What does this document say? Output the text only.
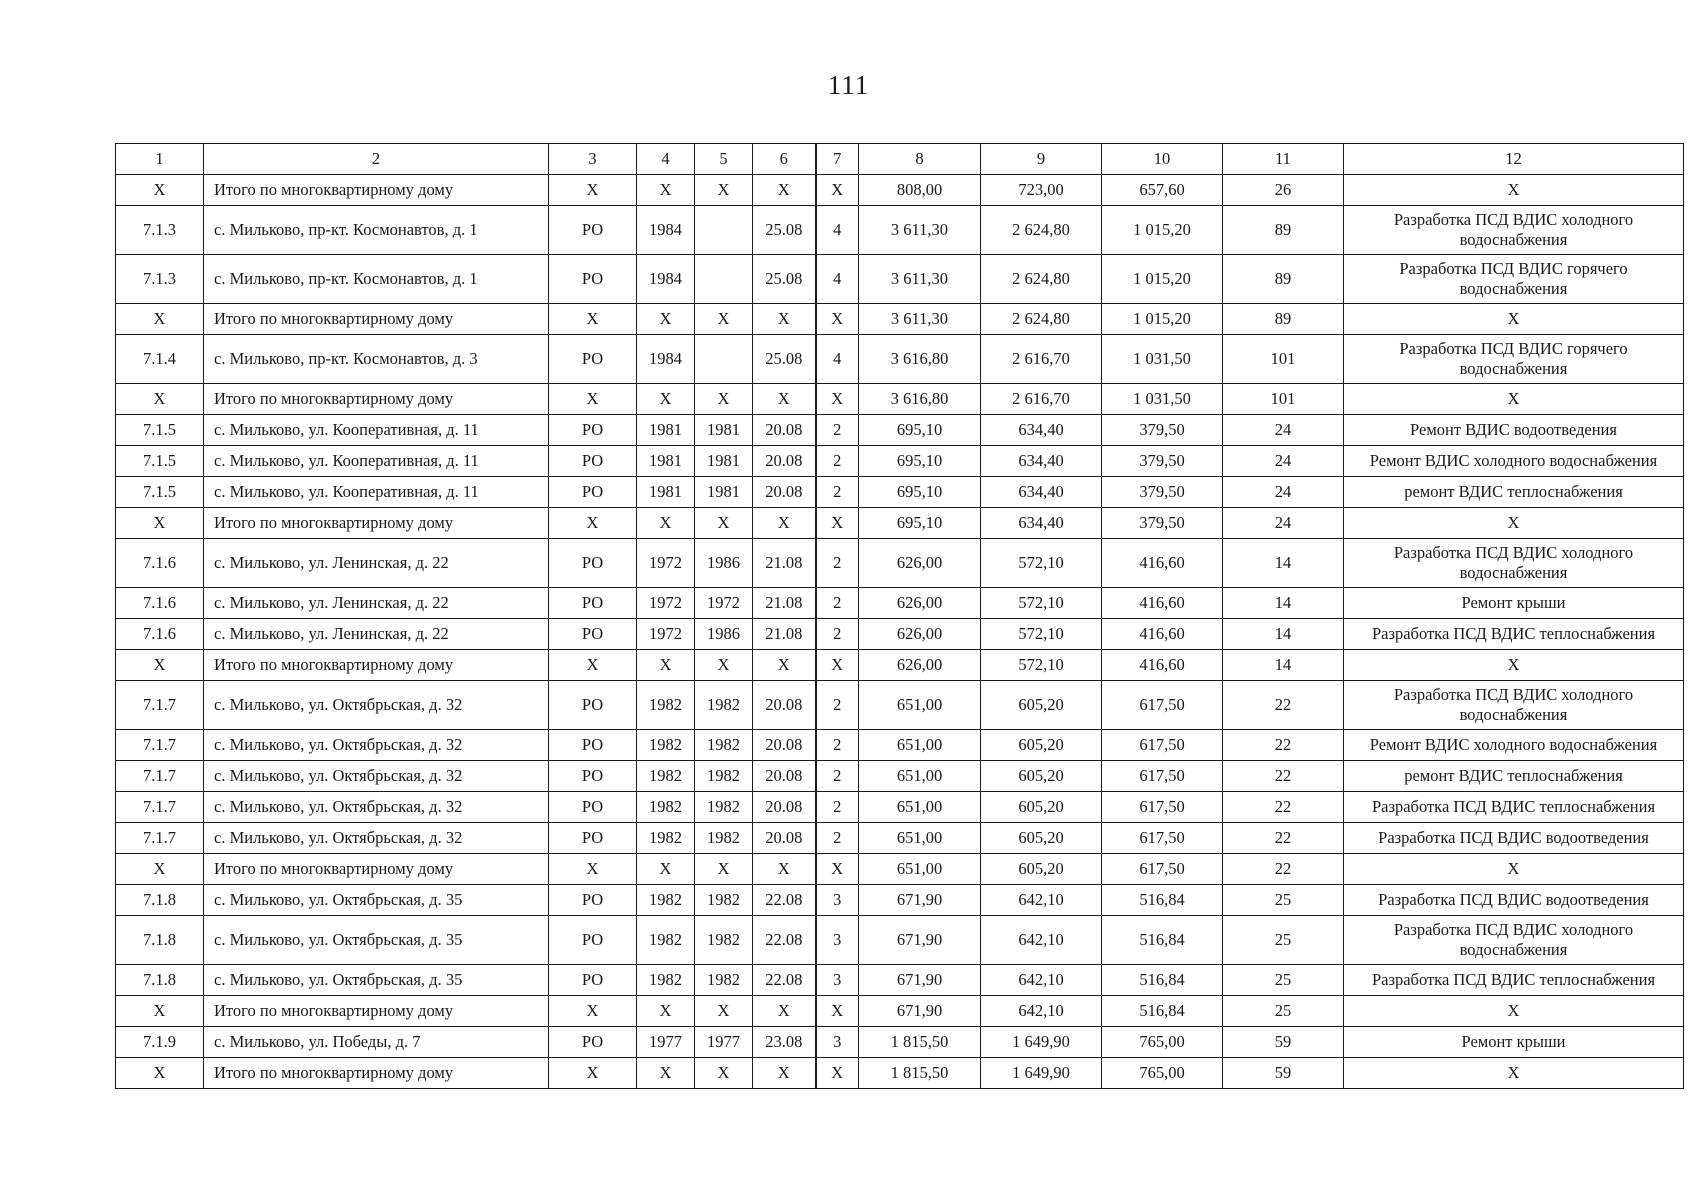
111
1	2	3	4	5	6	7	8	9	10	11	12
Х	Итого по многоквартирному дому	Х	Х	Х	Х	Х	808,00	723,00	657,60	26	Х
7.1.3	с. Мильково, пр-кт. Космонавтов, д. 1	РО	1984		25.08	4	3 611,30	2 624,80	1 015,20	89	Разработка ПСД ВДИС холодного водоснабжения
7.1.3	с. Мильково, пр-кт. Космонавтов, д. 1	РО	1984		25.08	4	3 611,30	2 624,80	1 015,20	89	Разработка ПСД ВДИС горячего водоснабжения
Х	Итого по многоквартирному дому	Х	Х	Х	Х	Х	3 611,30	2 624,80	1 015,20	89	Х
7.1.4	с. Мильково, пр-кт. Космонавтов, д. 3	РО	1984		25.08	4	3 616,80	2 616,70	1 031,50	101	Разработка ПСД ВДИС горячего водоснабжения
Х	Итого по многоквартирному дому	Х	Х	Х	Х	Х	3 616,80	2 616,70	1 031,50	101	Х
7.1.5	с. Мильково, ул. Кооперативная, д. 11	РО	1981	1981	20.08	2	695,10	634,40	379,50	24	Ремонт ВДИС водоотведения
7.1.5	с. Мильково, ул. Кооперативная, д. 11	РО	1981	1981	20.08	2	695,10	634,40	379,50	24	Ремонт ВДИС холодного водоснабжения
7.1.5	с. Мильково, ул. Кооперативная, д. 11	РО	1981	1981	20.08	2	695,10	634,40	379,50	24	ремонт ВДИС теплоснабжения
Х	Итого по многоквартирному дому	Х	Х	Х	Х	Х	695,10	634,40	379,50	24	Х
7.1.6	с. Мильково, ул. Ленинская, д. 22	РО	1972	1986	21.08	2	626,00	572,10	416,60	14	Разработка ПСД ВДИС холодного водоснабжения
7.1.6	с. Мильково, ул. Ленинская, д. 22	РО	1972	1972	21.08	2	626,00	572,10	416,60	14	Ремонт крыши
7.1.6	с. Мильково, ул. Ленинская, д. 22	РО	1972	1986	21.08	2	626,00	572,10	416,60	14	Разработка ПСД ВДИС теплоснабжения
Х	Итого по многоквартирному дому	Х	Х	Х	Х	Х	626,00	572,10	416,60	14	Х
7.1.7	с. Мильково, ул. Октябрьская, д. 32	РО	1982	1982	20.08	2	651,00	605,20	617,50	22	Разработка ПСД ВДИС холодного водоснабжения
7.1.7	с. Мильково, ул. Октябрьская, д. 32	РО	1982	1982	20.08	2	651,00	605,20	617,50	22	Ремонт ВДИС холодного водоснабжения
7.1.7	с. Мильково, ул. Октябрьская, д. 32	РО	1982	1982	20.08	2	651,00	605,20	617,50	22	ремонт ВДИС теплоснабжения
7.1.7	с. Мильково, ул. Октябрьская, д. 32	РО	1982	1982	20.08	2	651,00	605,20	617,50	22	Разработка ПСД ВДИС теплоснабжения
7.1.7	с. Мильково, ул. Октябрьская, д. 32	РО	1982	1982	20.08	2	651,00	605,20	617,50	22	Разработка ПСД ВДИС водоотведения
Х	Итого по многоквартирному дому	Х	Х	Х	Х	Х	651,00	605,20	617,50	22	Х
7.1.8	с. Мильково, ул. Октябрьская, д. 35	РО	1982	1982	22.08	3	671,90	642,10	516,84	25	Разработка ПСД ВДИС водоотведения
7.1.8	с. Мильково, ул. Октябрьская, д. 35	РО	1982	1982	22.08	3	671,90	642,10	516,84	25	Разработка ПСД ВДИС холодного водоснабжения
7.1.8	с. Мильково, ул. Октябрьская, д. 35	РО	1982	1982	22.08	3	671,90	642,10	516,84	25	Разработка ПСД ВДИС теплоснабжения
Х	Итого по многоквартирному дому	Х	Х	Х	Х	Х	671,90	642,10	516,84	25	Х
7.1.9	с. Мильково, ул. Победы, д. 7	РО	1977	1977	23.08	3	1 815,50	1 649,90	765,00	59	Ремонт крыши
Х	Итого по многоквартирному дому	Х	Х	Х	Х	Х	1 815,50	1 649,90	765,00	59	Х
